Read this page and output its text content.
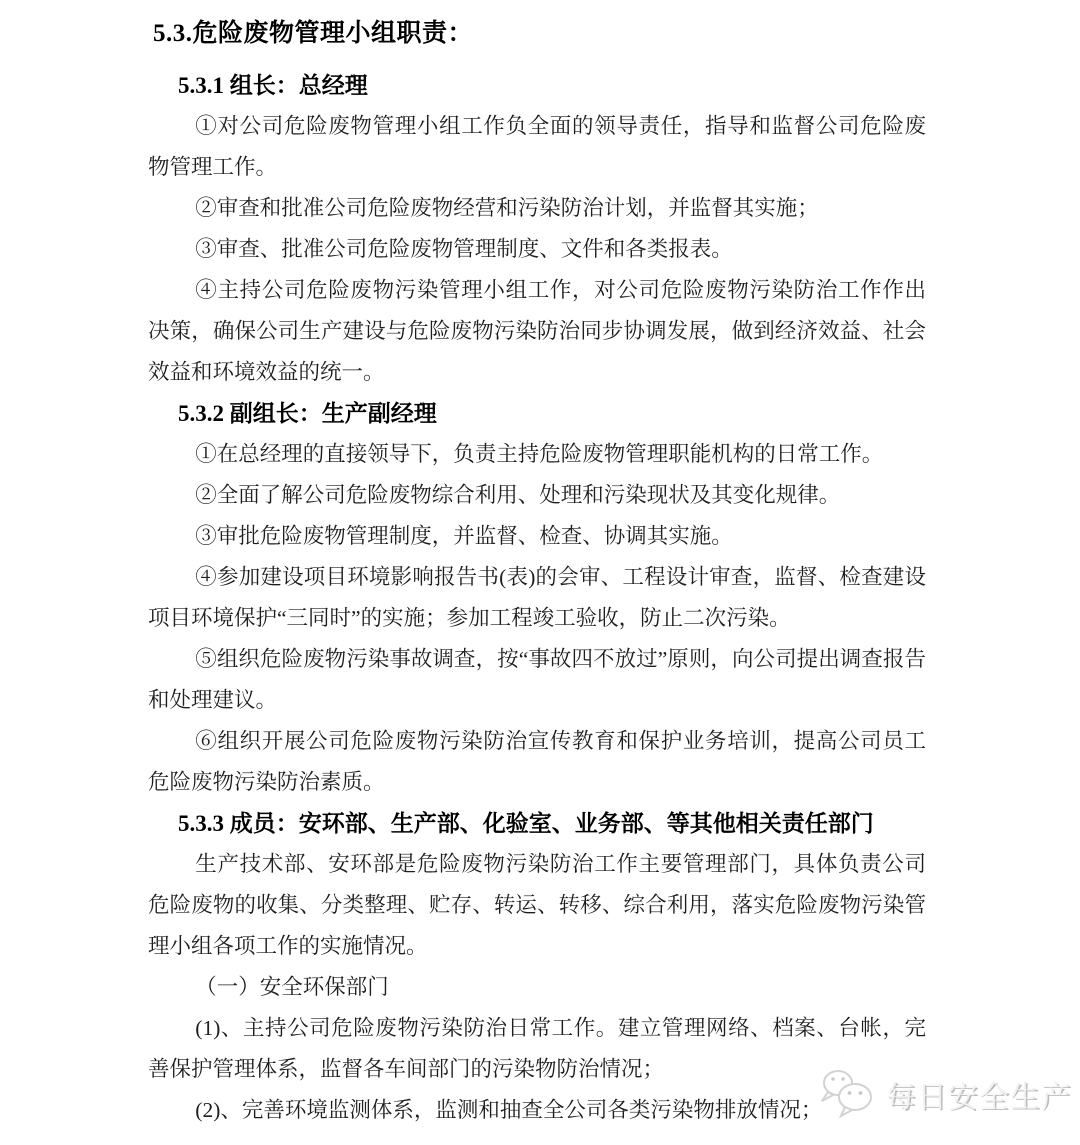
5.3.危险废物管理小组职责：
5.3.1 组长：总经理

①对公司危险废物管理小组工作负全面的领导责任，指导和监督公司危险废物管理工作。

②审查和批准公司危险废物经营和污染防治计划，并监督其实施；

③审查、批准公司危险废物管理制度、文件和各类报表。

④主持公司危险废物污染管理小组工作，对公司危险废物污染防治工作作出决策，确保公司生产建设与危险废物污染防治同步协调发展，做到经济效益、社会效益和环境效益的统一。

5.3.2 副组长：生产副经理

①在总经理的直接领导下，负责主持危险废物管理职能机构的日常工作。

②全面了解公司危险废物综合利用、处理和污染现状及其变化规律。

③审批危险废物管理制度，并监督、检查、协调其实施。

④参加建设项目环境影响报告书(表)的会审、工程设计审查，监督、检查建设项目环境保护“三同时”的实施；参加工程竣工验收，防止二次污染。

⑤组织危险废物污染事故调查，按“事故四不放过”原则，向公司提出调查报告和处理建议。

⑥组织开展公司危险废物污染防治宣传教育和保护业务培训，提高公司员工危险废物污染防治素质。

5.3.3 成员：安环部、生产部、化验室、业务部、等其他相关责任部门

生产技术部、安环部是危险废物污染防治工作主要管理部门，具体负责公司危险废物的收集、分类整理、贮存、转运、转移、综合利用，落实危险废物污染管理小组各项工作的实施情况。

（一）安全环保部门

(1)、主持公司危险废物污染防治日常工作。建立管理网络、档案、台帐，完善保护管理体系，监督各车间部门的污染物防治情况；

(2)、完善环境监测体系，监测和抽查全公司各类污染物排放情况；	每日安全生产
